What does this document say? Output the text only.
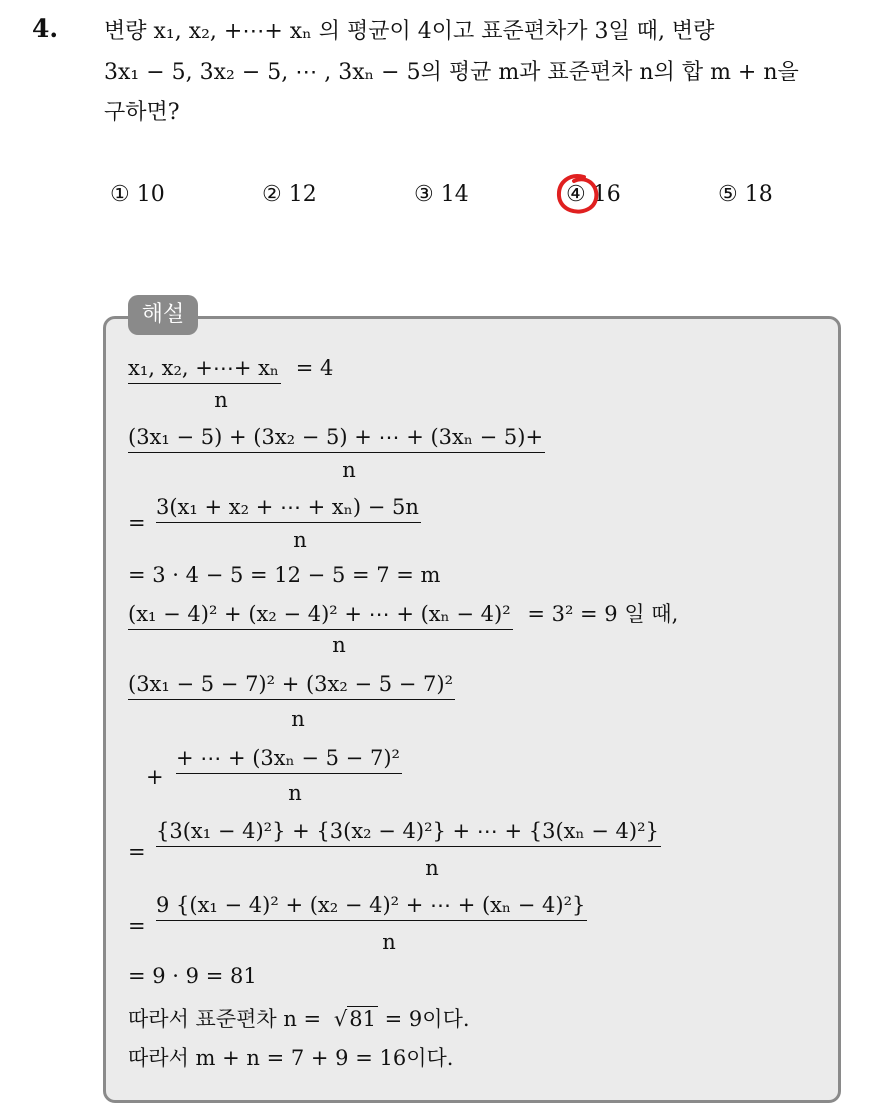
4. 변량 x₁, x₂, +⋯+ xₙ 의 평균이 4이고 표준편차가 3일 때, 변량
3x₁ − 5, 3x₂ − 5, ⋯ , 3xₙ − 5의 평균 m과 표준편차 n의 합 m + n을
구하면?
① 10	② 12	③ 14	④ 16	⑤ 18
해설
x₁, x₂, +⋯+ xₙ = 4
n
$\frac{\text{(3x₁ − 5) + (3x₂ − 5) + ⋯ + (3xₙ − 5)+}}{n}$
= $\frac{\text{3(x₁ + x₂ + ⋯ + xₙ) − 5n}}{n}$
= 3 · 4 − 5 = 12 − 5 = 7 = m
(x₁ − 4)² + (x₂ − 4)² + ⋯ + (xₙ − 4)² = 3² = 9 일 때,
n
$\frac{\text{(3x₁ − 5 − 7)² + (3x₂ − 5 − 7)²}}{n}$
+
$\frac{\text{+ ⋯ + (3xₙ − 5 − 7)²}}{n}$
=
$\frac{\text{\{3(x₁ − 4)²\} + \{3(x₂ − 4)²\} + ⋯ + \{3(xₙ − 4)²\}}}{n}$
=
$\frac{\text{9 \{(x₁ − 4)² + (x₂ − 4)² + ⋯ + (xₙ − 4)²\}}}{n}$
= 9 · 9 = 81
따라서 표준편차 n = √81 = 9이다.
따라서 m + n = 7 + 9 = 16이다.
